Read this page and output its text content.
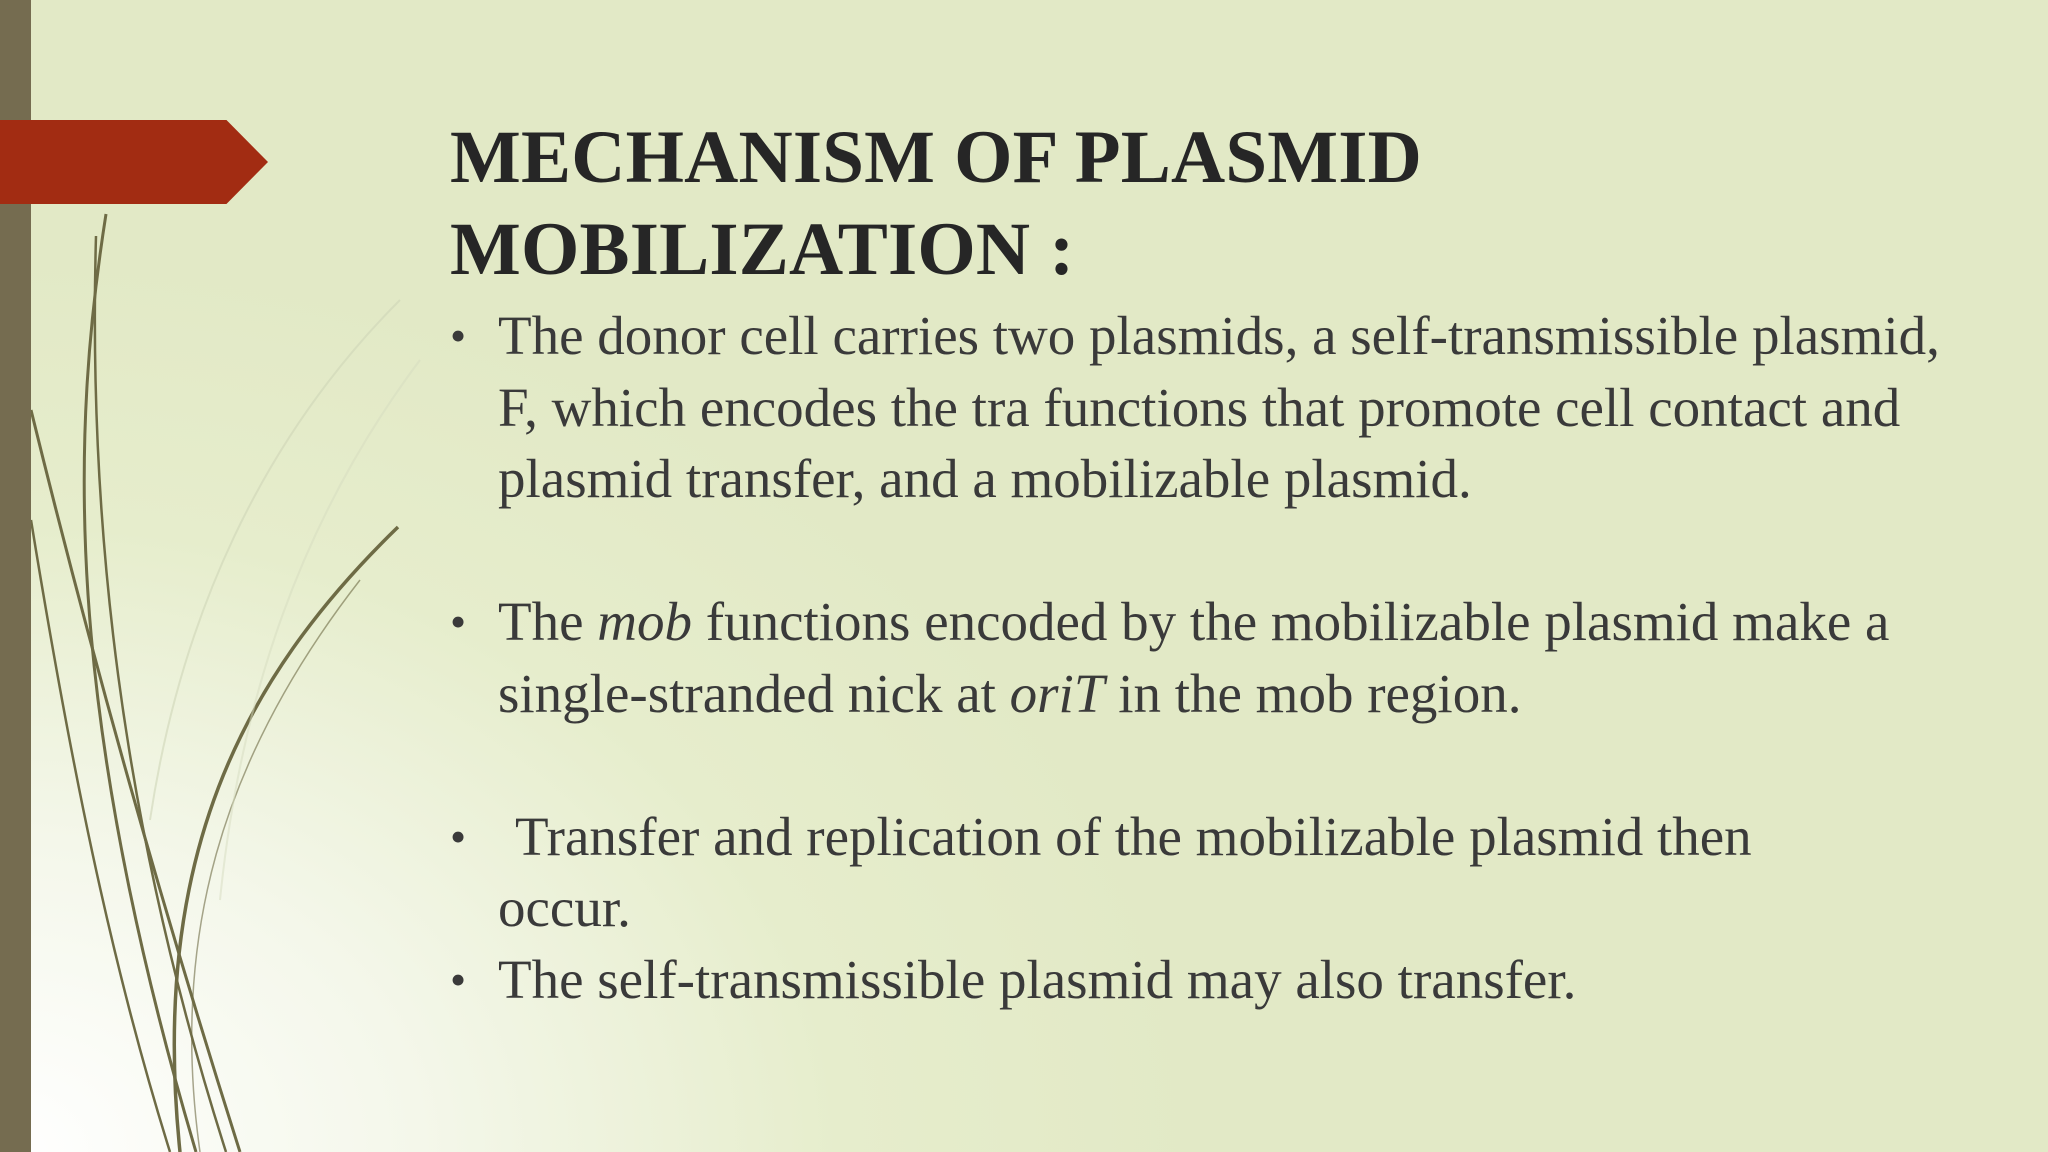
MECHANISM OF PLASMID
MOBILIZATION :
• The donor cell carries two plasmids, a self-transmissible plasmid, F, which encodes the tra functions that promote cell contact and plasmid transfer, and a mobilizable plasmid.
• The mob functions encoded by the mobilizable plasmid make a single-stranded nick at oriT in the mob region.
• Transfer and replication of the mobilizable plasmid then
occur.
• The self-transmissible plasmid may also transfer.
